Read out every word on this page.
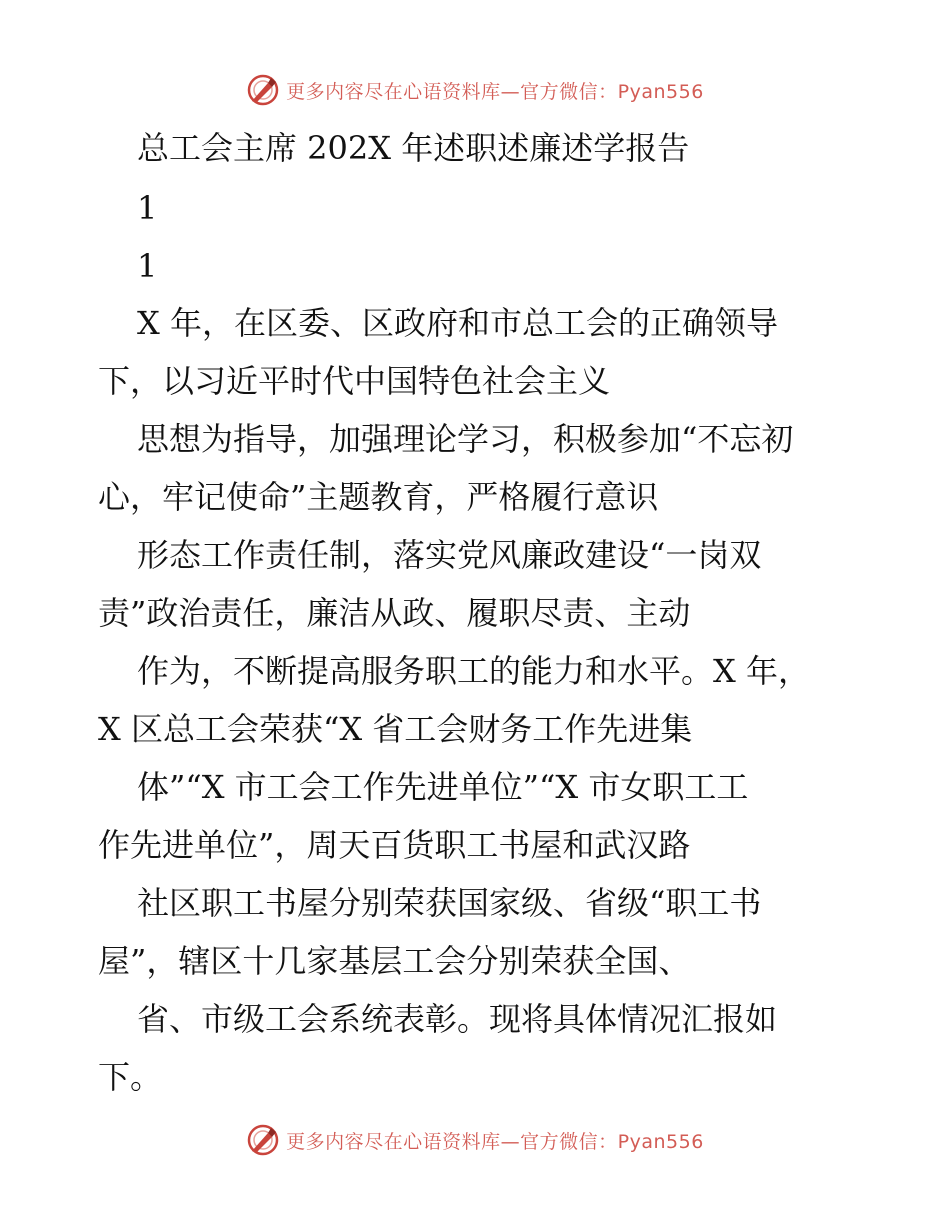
更多内容尽在心语资料库—官方微信：Pyan556
总工会主席 202X 年述职述廉述学报告
1
1
X 年，在区委、区政府和市总工会的正确领导
下，以习近平时代中国特色社会主义
思想为指导，加强理论学习，积极参加“不忘初
心，牢记使命”主题教育，严格履行意识
形态工作责任制，落实党风廉政建设“一岗双
责”政治责任，廉洁从政、履职尽责、主动
作为，不断提高服务职工的能力和水平。X 年，
X 区总工会荣获“X 省工会财务工作先进集
体”“X 市工会工作先进单位”“X 市女职工工
作先进单位”，周天百货职工书屋和武汉路
社区职工书屋分别荣获国家级、省级“职工书
屋”，辖区十几家基层工会分别荣获全国、
省、市级工会系统表彰。现将具体情况汇报如
下。
更多内容尽在心语资料库—官方微信：Pyan556
